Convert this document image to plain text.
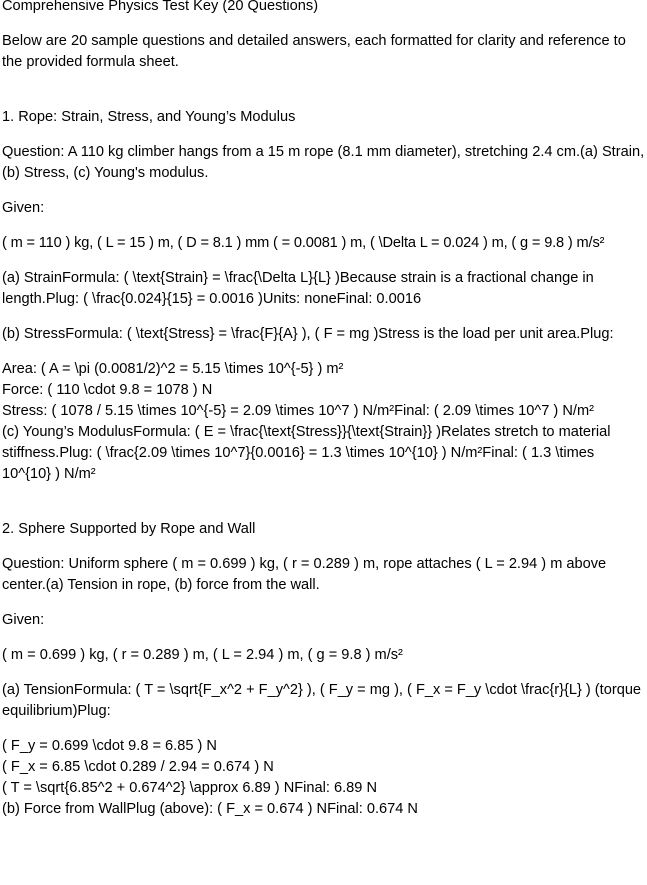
Comprehensive Physics Test Key (20 Questions)

Below are 20 sample questions and detailed answers, each formatted for clarity and reference to the provided formula sheet.

1. Rope: Strain, Stress, and Young’s Modulus

Question: A 110 kg climber hangs from a 15 m rope (8.1 mm diameter), stretching 2.4 cm.(a) Strain, (b) Stress, (c) Young's modulus.

Given:

( m = 110 ) kg, ( L = 15 ) m, ( D = 8.1 ) mm ( = 0.0081 ) m, ( \Delta L = 0.024 ) m, ( g = 9.8 ) m/s²

(a) StrainFormula: ( \text{Strain} = \frac{\Delta L}{L} )Because strain is a fractional change in length.Plug: ( \frac{0.024}{15} = 0.0016 )Units: noneFinal: 0.0016

(b) StressFormula: ( \text{Stress} = \frac{F}{A} ), ( F = mg )Stress is the load per unit area.Plug:

Area: ( A = \pi (0.0081/2)^2 = 5.15 \times 10^{-5} ) m²
Force: ( 110 \cdot 9.8 = 1078 ) N
Stress: ( 1078 / 5.15 \times 10^{-5} = 2.09 \times 10^7 ) N/m²Final: ( 2.09 \times 10^7 ) N/m²

(c) Young’s ModulusFormula: ( E = \frac{\text{Stress}}{\text{Strain}} )Relates stretch to material stiffness.Plug: ( \frac{2.09 \times 10^7}{0.0016} = 1.3 \times 10^{10} ) N/m²Final: ( 1.3 \times 10^{10} ) N/m²

2. Sphere Supported by Rope and Wall

Question: Uniform sphere ( m = 0.699 ) kg, ( r = 0.289 ) m, rope attaches ( L = 2.94 ) m above center.(a) Tension in rope, (b) force from the wall.

Given:

( m = 0.699 ) kg, ( r = 0.289 ) m, ( L = 2.94 ) m, ( g = 9.8 ) m/s²

(a) TensionFormula: ( T = \sqrt{F_x^2 + F_y^2} ), ( F_y = mg ), ( F_x = F_y \cdot \frac{r}{L} ) (torque equilibrium)Plug:

( F_y = 0.699 \cdot 9.8 = 6.85 ) N
( F_x = 6.85 \cdot 0.289 / 2.94 = 0.674 ) N
( T = \sqrt{6.85^2 + 0.674^2} \approx 6.89 ) NFinal: 6.89 N
(b) Force from WallPlug (above): ( F_x = 0.674 ) NFinal: 0.674 N
